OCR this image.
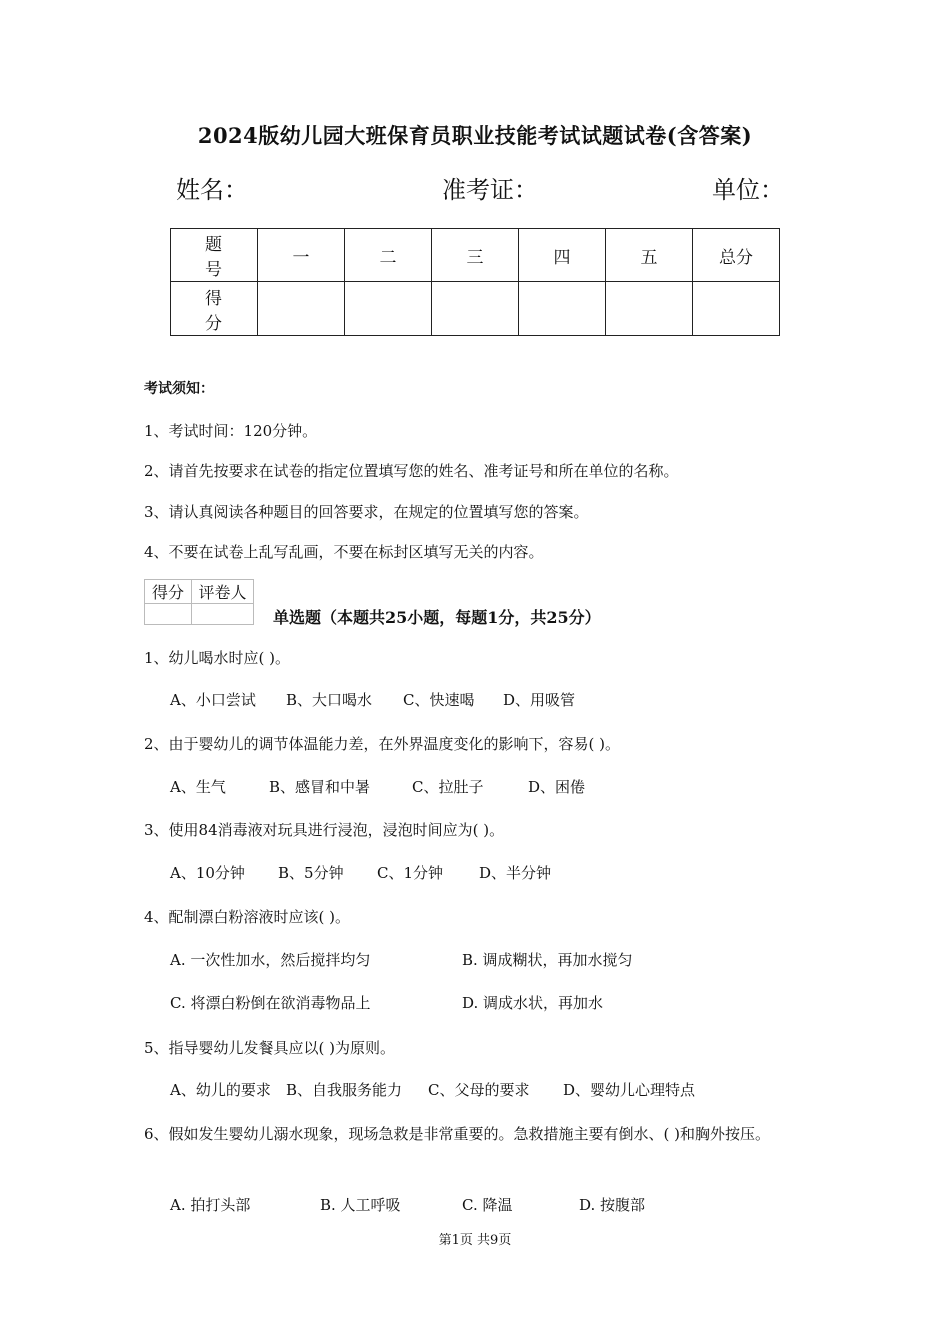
2024版幼儿园大班保育员职业技能考试试题试卷(含答案)
姓名：	准考证：	单位：
题 号	一	二	三	四	五	总分
得 分						
考试须知：
1、考试时间：120分钟。
2、请首先按要求在试卷的指定位置填写您的姓名、准考证号和所在单位的名称。
3、请认真阅读各种题目的回答要求，在规定的位置填写您的答案。
4、不要在试卷上乱写乱画，不要在标封区填写无关的内容。
得分	评卷人

单选题（本题共25小题，每题1分，共25分）
1、幼儿喝水时应( )。
A、小口尝试 B、大口喝水 C、快速喝 D、用吸管
2、由于婴幼儿的调节体温能力差，在外界温度变化的影响下，容易( )。
A、生气	B、感冒和中暑	C、拉肚子	D、困倦
3、使用84消毒液对玩具进行浸泡，浸泡时间应为( )。
A、10分钟 B、5分钟 C、1分钟 D、半分钟
4、配制漂白粉溶液时应该( )。
A. 一次性加水，然后搅拌均匀	B. 调成糊状，再加水搅匀
C. 将漂白粉倒在欲消毒物品上	D. 调成水状，再加水
5、指导婴幼儿发餐具应以( )为原则。
A、幼儿的要求 B、自我服务能力 C、父母的要求 D、婴幼儿心理特点
6、假如发生婴幼儿溺水现象，现场急救是非常重要的。急救措施主要有倒水、( )和胸外按压。
A. 拍打头部	B. 人工呼吸	C. 降温	D. 按腹部
第1页 共9页
